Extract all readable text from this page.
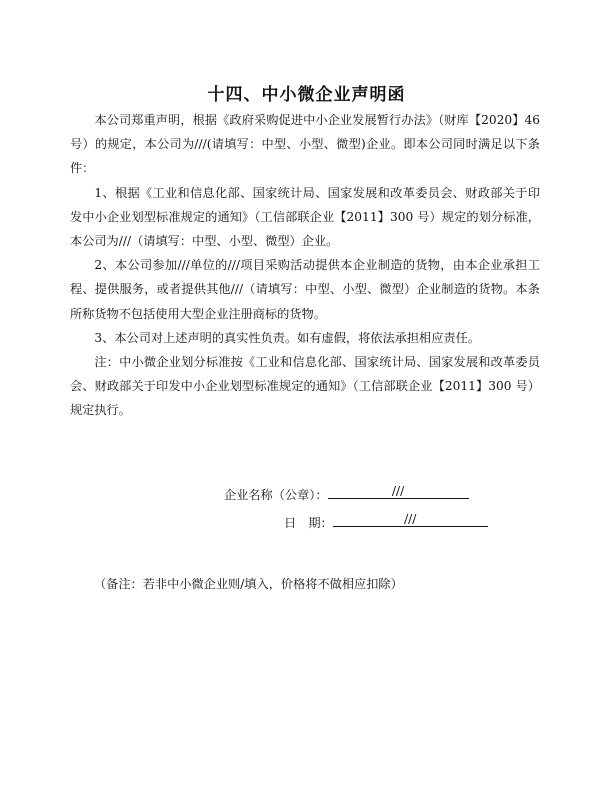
十四、中小微企业声明函

本公司郑重声明，根据《政府采购促进中小企业发展暂行办法》（财库【2020】46号）的规定，本公司为///(请填写：中型、小型、微型)企业。即本公司同时满足以下条件：

1、根据《工业和信息化部、国家统计局、国家发展和改革委员会、财政部关于印发中小企业划型标准规定的通知》（工信部联企业【2011】300 号）规定的划分标准，本公司为///（请填写：中型、小型、微型）企业。

2、本公司参加///单位的///项目采购活动提供本企业制造的货物，由本企业承担工程、提供服务，或者提供其他///（请填写：中型、小型、微型）企业制造的货物。本条所称货物不包括使用大型企业注册商标的货物。

3、本公司对上述声明的真实性负责。如有虚假，将依法承担相应责任。

注：中小微企业划分标准按《工业和信息化部、国家统计局、国家发展和改革委员会、财政部关于印发中小企业划型标准规定的通知》（工信部联企业【2011】300 号）规定执行。

企业名称（公章）：	///
日　期：	///
（备注：若非中小微企业则/填入，价格将不做相应扣除）
